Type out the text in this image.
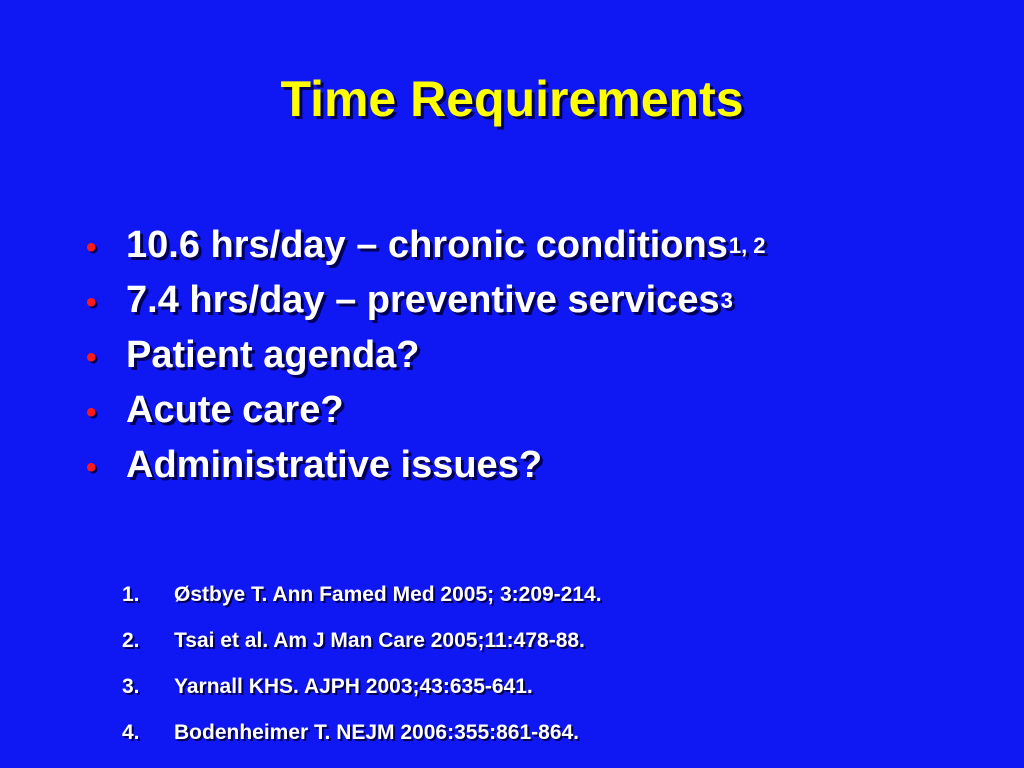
Time Requirements
• 10.6 hrs/day – chronic conditions$^{1, 2}$
• 7.4 hrs/day – preventive services$^3$
• Patient agenda?
• Acute care?
• Administrative issues?
1.	Østbye T. Ann Famed Med 2005; 3:209-214.
2.	Tsai et al. Am J Man Care 2005;11:478-88.
3.	Yarnall KHS. AJPH 2003;43:635-641.
4.	Bodenheimer T. NEJM 2006:355:861-864.
